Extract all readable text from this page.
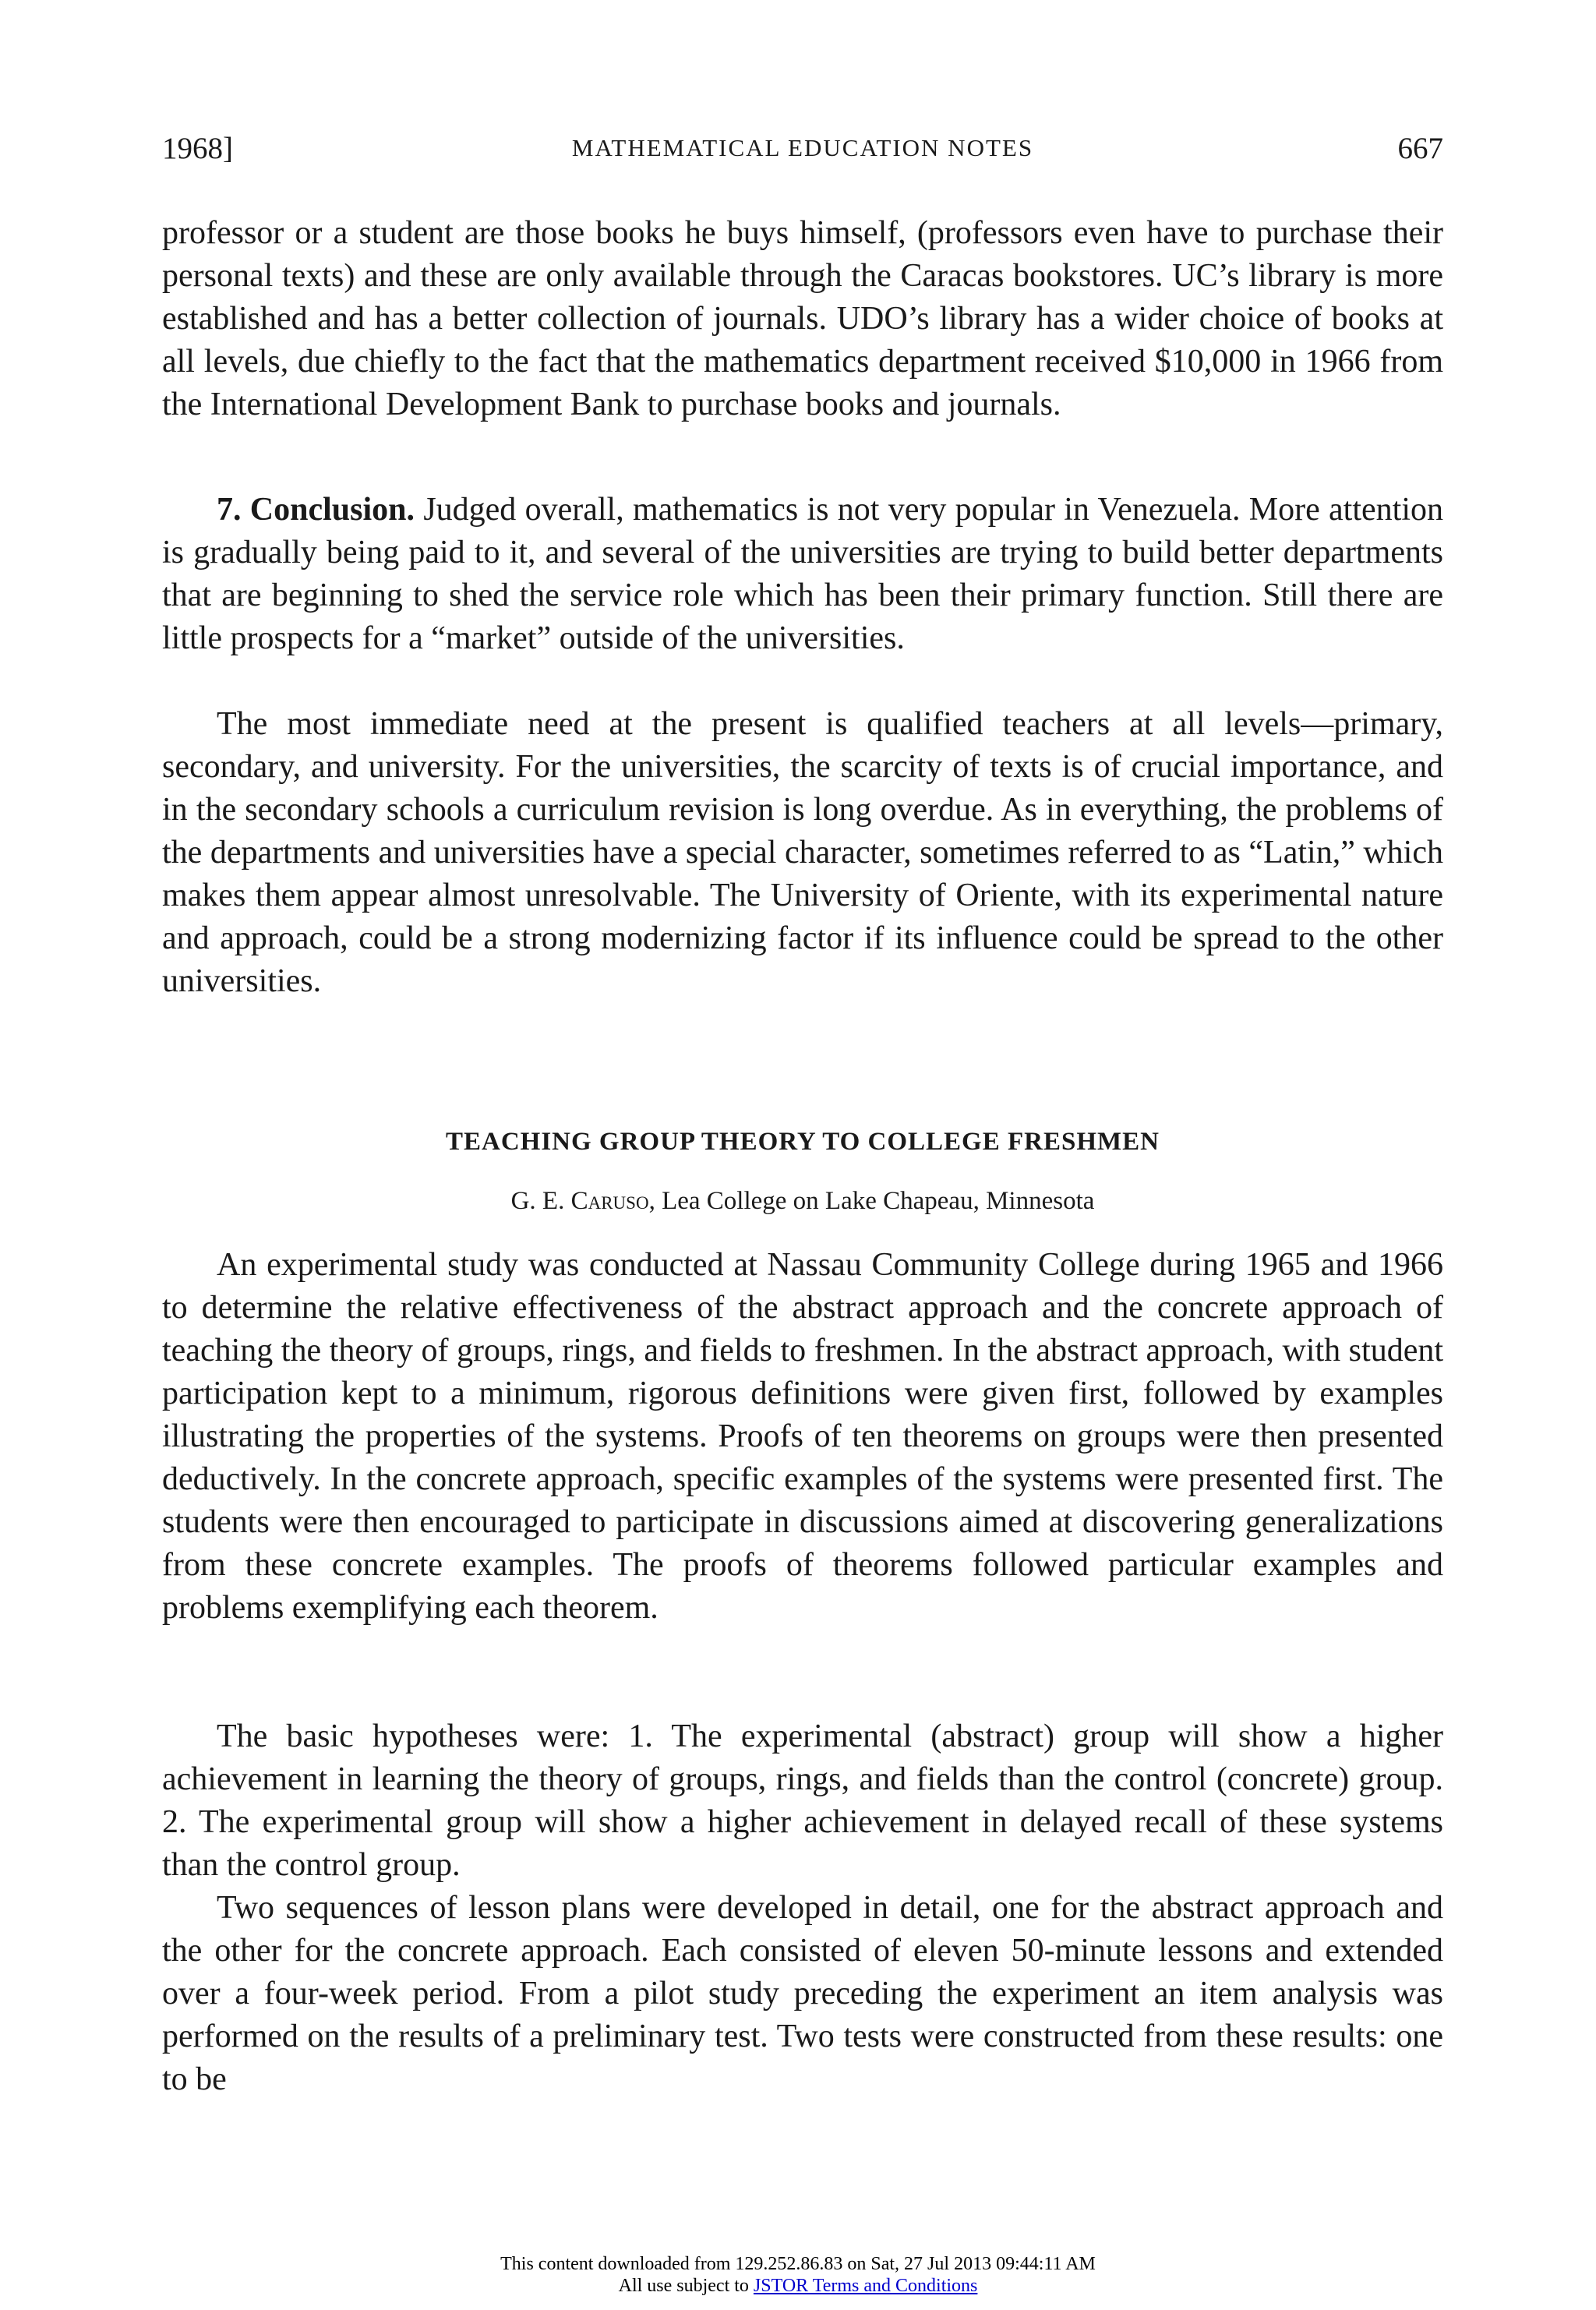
1968]	MATHEMATICAL EDUCATION NOTES	667

professor or a student are those books he buys himself, (professors even have to purchase their personal texts) and these are only available through the Caracas bookstores. UC’s library is more established and has a better collection of journals. UDO’s library has a wider choice of books at all levels, due chiefly to the fact that the mathematics department received $10,000 in 1966 from the International Development Bank to purchase books and journals.

7. Conclusion. Judged overall, mathematics is not very popular in Venezuela. More attention is gradually being paid to it, and several of the universities are trying to build better departments that are beginning to shed the service role which has been their primary function. Still there are little prospects for a “market” outside of the universities.

The most immediate need at the present is qualified teachers at all levels—primary, secondary, and university. For the universities, the scarcity of texts is of crucial importance, and in the secondary schools a curriculum revision is long overdue. As in everything, the problems of the departments and universities have a special character, sometimes referred to as “Latin,” which makes them appear almost unresolvable. The University of Oriente, with its experimental nature and approach, could be a strong modernizing factor if its influence could be spread to the other universities.

TEACHING GROUP THEORY TO COLLEGE FRESHMEN
G. E. Caruso, Lea College on Lake Chapeau, Minnesota

An experimental study was conducted at Nassau Community College during 1965 and 1966 to determine the relative effectiveness of the abstract approach and the concrete approach of teaching the theory of groups, rings, and fields to freshmen. In the abstract approach, with student participation kept to a minimum, rigorous definitions were given first, followed by examples illustrating the properties of the systems. Proofs of ten theorems on groups were then presented deductively. In the concrete approach, specific examples of the systems were presented first. The students were then encouraged to participate in discussions aimed at discovering generalizations from these concrete examples. The proofs of theorems followed particular examples and problems exemplifying each theorem.

The basic hypotheses were: 1. The experimental (abstract) group will show a higher achievement in learning the theory of groups, rings, and fields than the control (concrete) group. 2. The experimental group will show a higher achievement in delayed recall of these systems than the control group.

Two sequences of lesson plans were developed in detail, one for the abstract approach and the other for the concrete approach. Each consisted of eleven 50-minute lessons and extended over a four-week period. From a pilot study preceding the experiment an item analysis was performed on the results of a preliminary test. Two tests were constructed from these results: one to be

This content downloaded from 129.252.86.83 on Sat, 27 Jul 2013 09:44:11 AM
All use subject to JSTOR Terms and Conditions
